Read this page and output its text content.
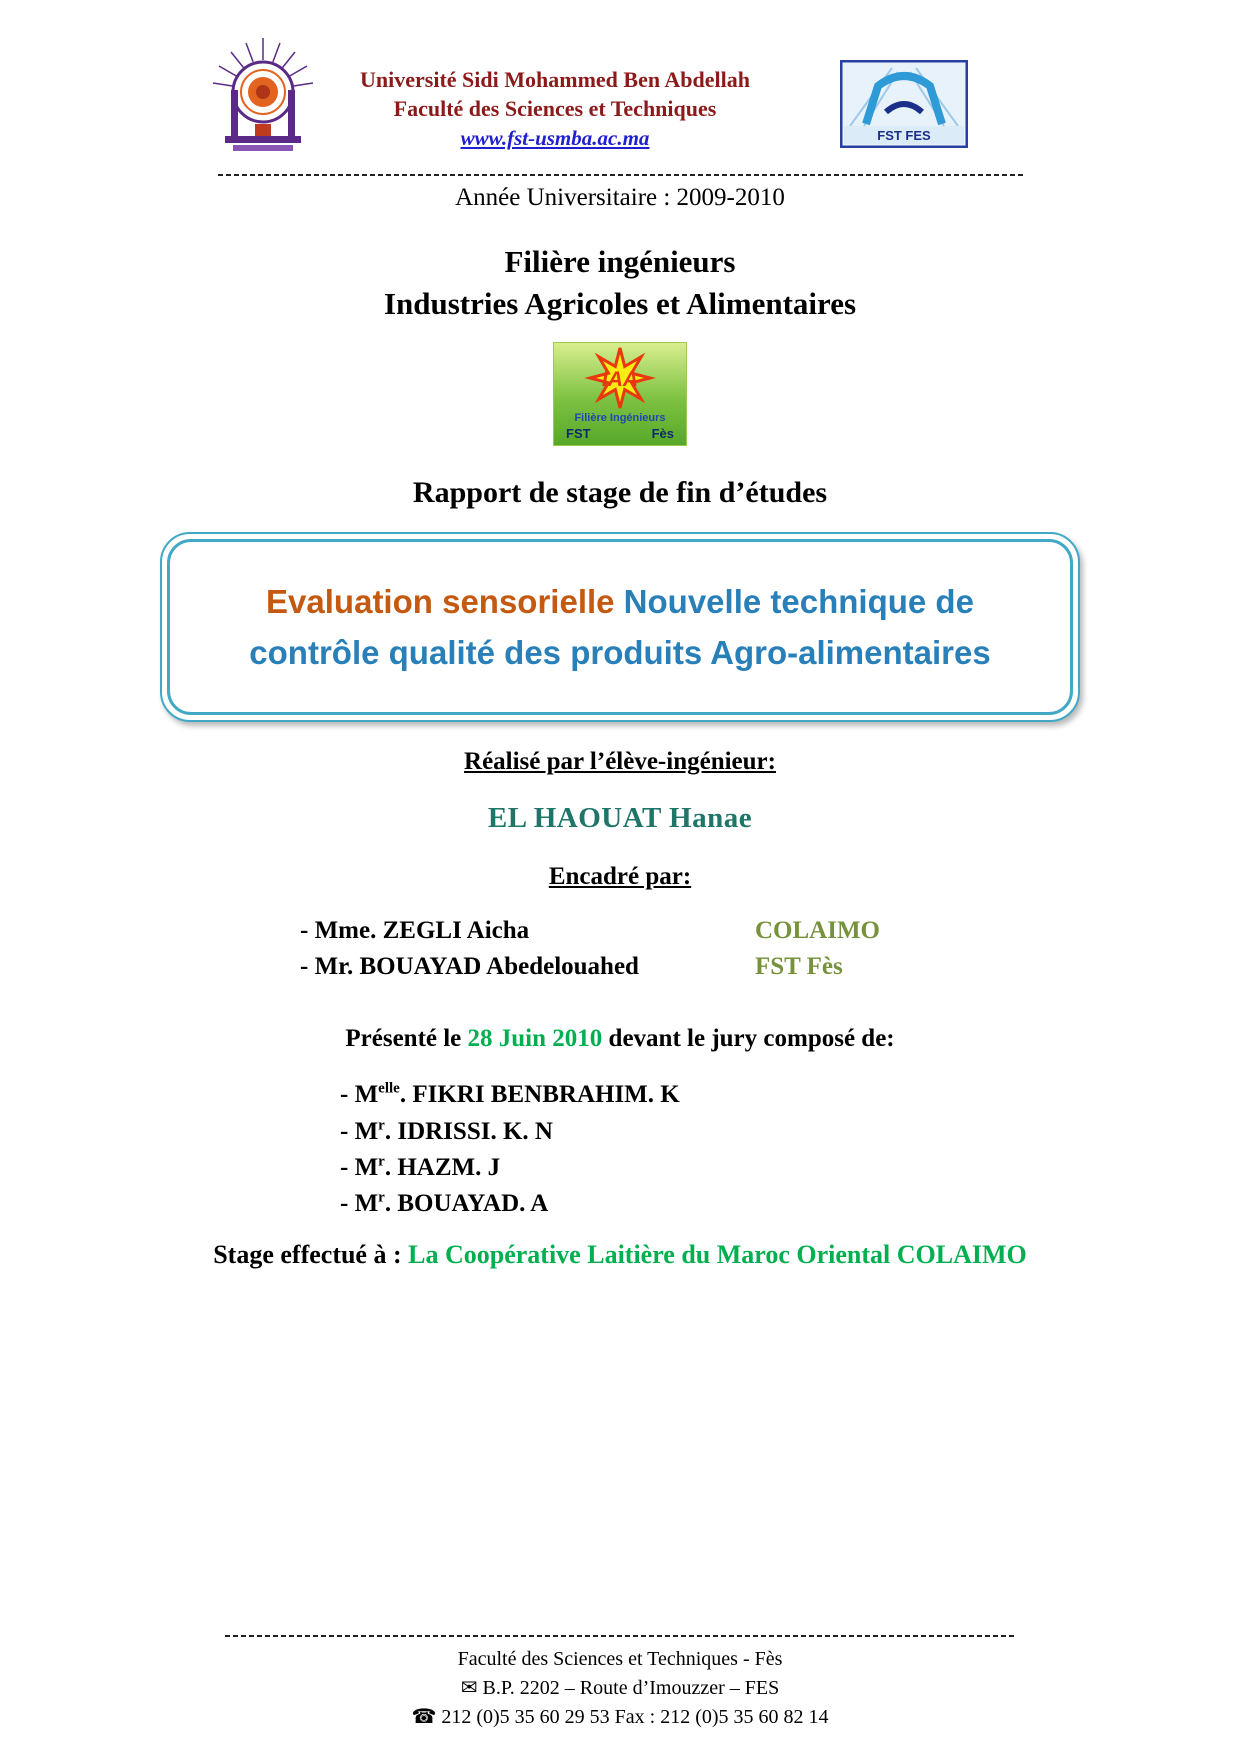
Université Sidi Mohammed Ben Abdellah
Faculté des Sciences et Techniques
www.fst-usmba.ac.ma	FST FES
Année Universitaire : 2009-2010
Filière ingénieurs
Industries Agricoles et Alimentaires
IAA
Filière Ingénieurs
FST	Fès
Rapport de stage de fin d’études
Evaluation sensorielle Nouvelle technique de contrôle qualité des produits Agro-alimentaires
Réalisé par l’élève-ingénieur:
EL HAOUAT Hanae
Encadré par:
- Mme. ZEGLI Aicha	COLAIMO
- Mr. BOUAYAD Abedelouahed	FST Fès
Présenté le 28 Juin 2010 devant le jury composé de:
- $M^{elle}$. FIKRI BENBRAHIM. K
- $M^r$. IDRISSI. K. N
- $M^r$. HAZM. J
- $M^r$. BOUAYAD. A
Stage effectué à : La Coopérative Laitière du Maroc Oriental COLAIMO
Faculté des Sciences et Techniques - Fès
✉ B.P. 2202 – Route d’Imouzzer – FES
☎ 212 (0)5 35 60 29 53 Fax : 212 (0)5 35 60 82 14
